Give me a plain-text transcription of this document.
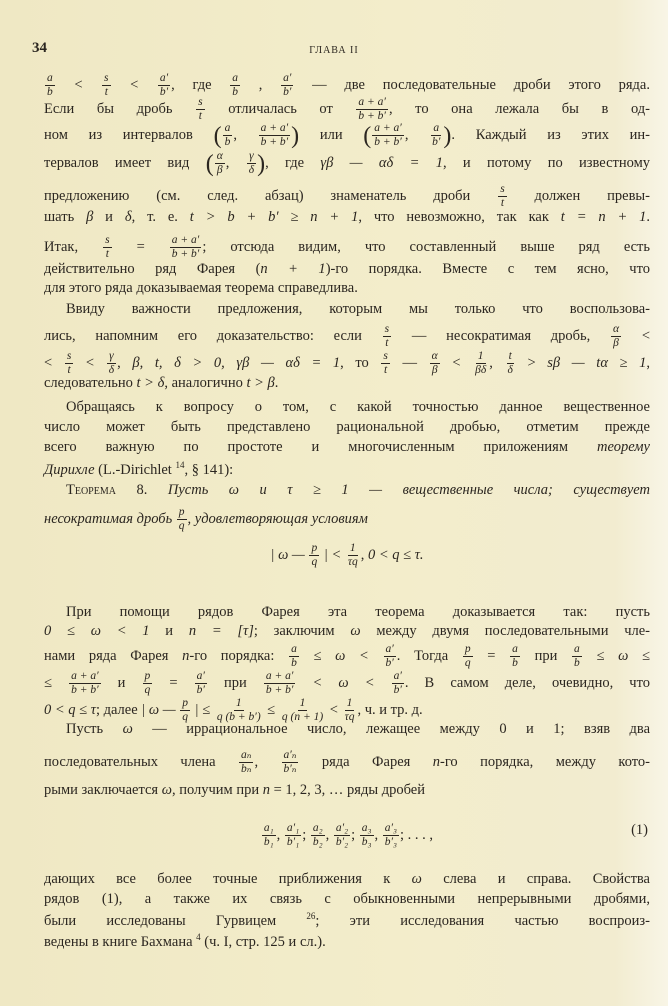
34	ГЛАВА II
$\frac{a}{b} < \frac{s}{t} < \frac{a'}{b'}$ , где $\frac{a}{b}$ , $\frac{a'}{b'}$ — две последовательные дроби этого ряда.
Если бы дробь $\frac{s}{t}$ отличалась от $\frac{a + a'}{b + b'}$ , то она лежала бы в од-
ном из интервалов ( $\frac{a}{b}$ , $\frac{a + a'}{b + b'}$ ) или ( $\frac{a + a'}{b + b'}$ , $\frac{a}{b'}$ ). Каждый из этих ин-
тервалов имеет вид ( $\frac{\alpha}{\beta}$ , $\frac{\gamma}{\delta}$ ), где γβ — αδ = 1, и потому по известному
предложению (см. след. абзац) знаменатель дроби $\frac{s}{t}$ должен превы-
шать β и δ, т. е. t > b + b′ ≥ n + 1, что невозможно, так как t = n + 1.
Итак, $\frac{s}{t} = \frac{a + a'}{b + b'}$ ; отсюда видим, что составленный выше ряд есть
действительно ряд Фарея (n + 1)-го порядка. Вместе с тем ясно, что
для этого ряда доказываемая теорема справедлива.
Ввиду важности предложения, которым мы только что воспользова-
лись, напомним его доказательство: если $\frac{s}{t}$ — несократимая дробь, $\frac{\alpha}{\beta}$ <
< $\frac{s}{t} < \frac{\gamma}{\delta}$ , β, t, δ > 0, γβ — αδ = 1, то $\frac{s}{t}$ — $\frac{\alpha}{\beta} < \frac{1}{\beta\delta}$ , $\frac{t}{\delta} > s\beta$ — tα ≥ 1,
следовательно t > δ, аналогично t > β.
Обращаясь к вопросу о том, с какой точностью данное вещественное
число может быть представлено рациональной дробью, отметим прежде
всего важную по простоте и многочисленным приложениям теорему
Дирихле (L.-Dirichlet $^{14}$, § 141):
Теорема 8. Пусть ω и τ ≥ 1 — вещественные числа; существует
несократимая дробь $\frac{p}{q}$ , удовлетворяющая условиям
| ω — $\frac{p}{q}$ | < $\frac{1}{\tau q}$ , 0 < q ≤ τ.
При помощи рядов Фарея эта теорема доказывается так: пусть
0 ≤ ω < 1 и n = [τ]; заключим ω между двумя последовательными чле-
нами ряда Фарея n-го порядка: $\frac{a}{b} \le \omega < \frac{a'}{b'}$ . Тогда $\frac{p}{q} = \frac{a}{b}$ при $\frac{a}{b} \le \omega$ ≤
≤ $\frac{a + a'}{b + b'}$ и $\frac{p}{q} = \frac{a'}{b'}$ при $\frac{a + a'}{b + b'} < \omega < \frac{a'}{b'}$ . В самом деле, очевидно, что
0 < q ≤ τ; далее | ω — $\frac{p}{q}$ | ≤ $\frac{1}{q (b + b')} \le \frac{1}{q (n + 1)} < \frac{1}{\tau q}$ , ч. и тр. д.
Пусть ω — иррациональное число, лежащее между 0 и 1; взяв два
последовательных члена $\frac{\text{aₙ}}{\text{bₙ}}$ , $\frac{\text{a′ₙ}}{\text{b′ₙ}}$ ряда Фарея n-го порядка, между кото-
рыми заключается ω, получим при n = 1, 2, 3, … ряды дробей
$\frac{\text{a₁}}{\text{b₁}}$ , $\frac{\text{a′₁}}{\text{b′₁}}$ ; $\frac{\text{a₂}}{\text{b₂}}$ , $\frac{\text{a′₂}}{\text{b′₂}}$ ; $\frac{\text{a₃}}{\text{b₃}}$ , $\frac{\text{a′₃}}{\text{b′₃}}$ ; . . . ,
дающих все более точные приближения к ω слева и справа. Свойства
рядов (1), а также их связь с обыкновенными непрерывными дробями,
были исследованы Гурвицем $^{26}$; эти исследования частью воспроиз-
ведены в книге Бахмана $^4$ (ч. I, стр. 125 и сл.).
(1)
